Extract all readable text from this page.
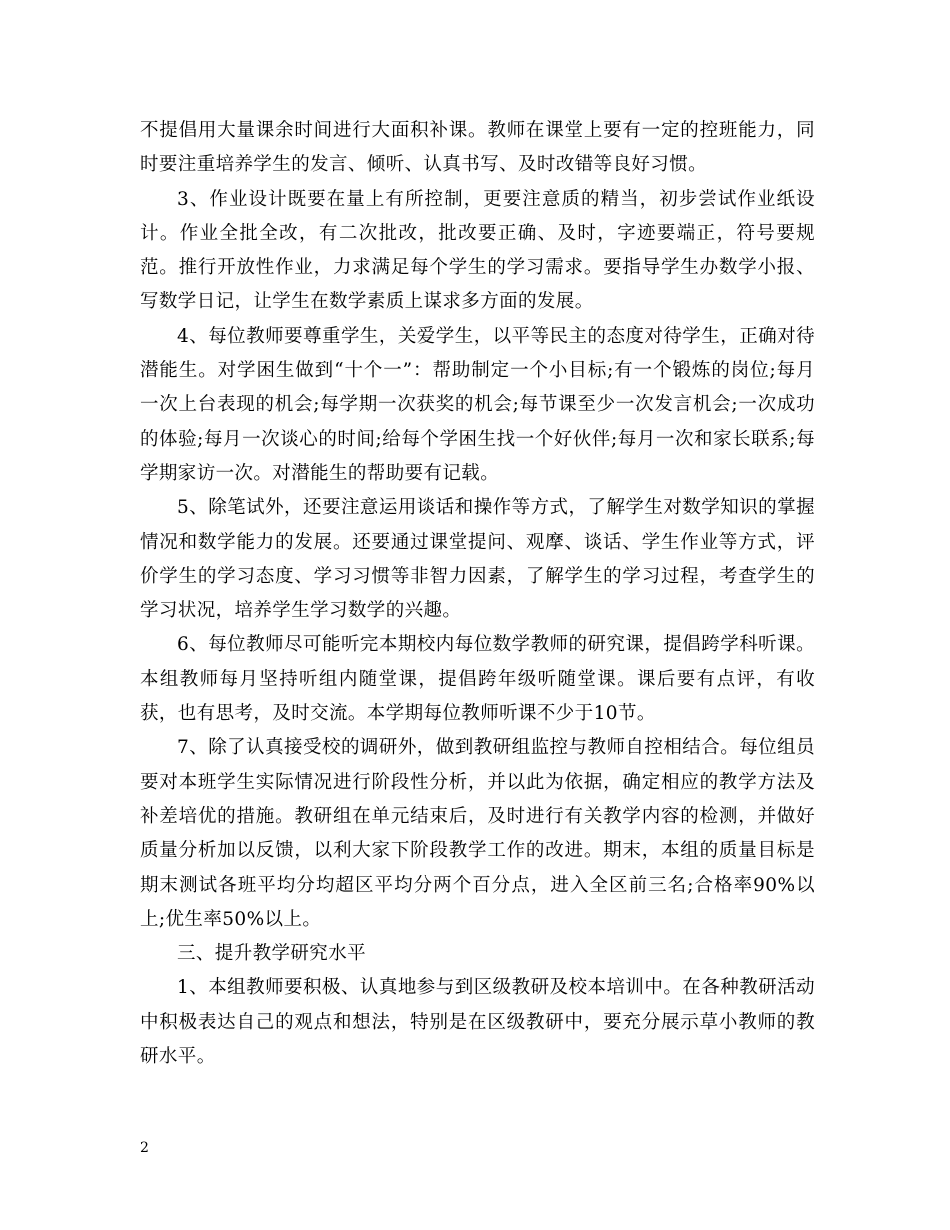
不提倡用大量课余时间进行大面积补课。教师在课堂上要有一定的控班能力，同时要注重培养学生的发言、倾听、认真书写、及时改错等良好习惯。

3、作业设计既要在量上有所控制，更要注意质的精当，初步尝试作业纸设计。作业全批全改，有二次批改，批改要正确、及时，字迹要端正，符号要规范。推行开放性作业，力求满足每个学生的学习需求。要指导学生办数学小报、写数学日记，让学生在数学素质上谋求多方面的发展。

4、每位教师要尊重学生，关爱学生，以平等民主的态度对待学生，正确对待潜能生。对学困生做到“十个一”：帮助制定一个小目标;有一个锻炼的岗位;每月一次上台表现的机会;每学期一次获奖的机会;每节课至少一次发言机会;一次成功的体验;每月一次谈心的时间;给每个学困生找一个好伙伴;每月一次和家长联系;每学期家访一次。对潜能生的帮助要有记载。

5、除笔试外，还要注意运用谈话和操作等方式，了解学生对数学知识的掌握情况和数学能力的发展。还要通过课堂提问、观摩、谈话、学生作业等方式，评价学生的学习态度、学习习惯等非智力因素，了解学生的学习过程，考查学生的学习状况，培养学生学习数学的兴趣。

6、每位教师尽可能听完本期校内每位数学教师的研究课，提倡跨学科听课。本组教师每月坚持听组内随堂课，提倡跨年级听随堂课。课后要有点评，有收获，也有思考，及时交流。本学期每位教师听课不少于10节。

7、除了认真接受校的调研外，做到教研组监控与教师自控相结合。每位组员要对本班学生实际情况进行阶段性分析，并以此为依据，确定相应的教学方法及补差培优的措施。教研组在单元结束后，及时进行有关教学内容的检测，并做好质量分析加以反馈，以利大家下阶段教学工作的改进。期末，本组的质量目标是期末测试各班平均分均超区平均分两个百分点，进入全区前三名;合格率90%以上;优生率50%以上。

三、提升教学研究水平

1、本组教师要积极、认真地参与到区级教研及校本培训中。在各种教研活动中积极表达自己的观点和想法，特别是在区级教研中，要充分展示草小教师的教研水平。

2
